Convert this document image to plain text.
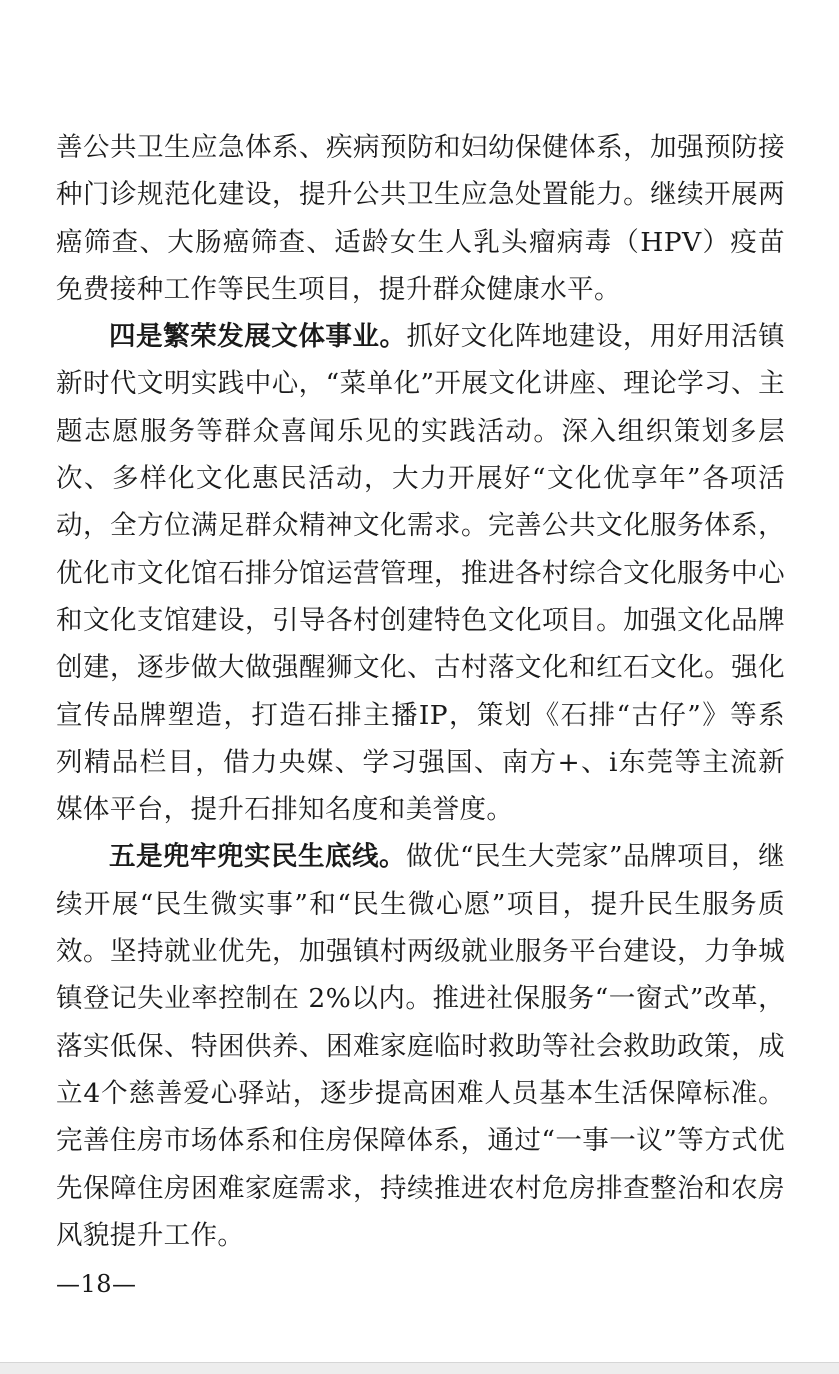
善公共卫生应急体系、疾病预防和妇幼保健体系，加强预防接种门诊规范化建设，提升公共卫生应急处置能力。继续开展两癌筛查、大肠癌筛查、适龄女生人乳头瘤病毒（HPV）疫苗免费接种工作等民生项目，提升群众健康水平。

四是繁荣发展文体事业。抓好文化阵地建设，用好用活镇新时代文明实践中心，“菜单化”开展文化讲座、理论学习、主题志愿服务等群众喜闻乐见的实践活动。深入组织策划多层次、多样化文化惠民活动，大力开展好“文化优享年”各项活动，全方位满足群众精神文化需求。完善公共文化服务体系，优化市文化馆石排分馆运营管理，推进各村综合文化服务中心和文化支馆建设，引导各村创建特色文化项目。加强文化品牌创建，逐步做大做强醒狮文化、古村落文化和红石文化。强化宣传品牌塑造，打造石排主播IP，策划《石排“古仔”》等系列精品栏目，借力央媒、学习强国、南方+、i东莞等主流新媒体平台，提升石排知名度和美誉度。

五是兜牢兜实民生底线。做优“民生大莞家”品牌项目，继续开展“民生微实事”和“民生微心愿”项目，提升民生服务质效。坚持就业优先，加强镇村两级就业服务平台建设，力争城镇登记失业率控制在 2%以内。推进社保服务“一窗式”改革，落实低保、特困供养、困难家庭临时救助等社会救助政策，成立4个慈善爱心驿站，逐步提高困难人员基本生活保障标准。完善住房市场体系和住房保障体系，通过“一事一议”等方式优先保障住房困难家庭需求，持续推进农村危房排查整治和农房风貌提升工作。

—18—
